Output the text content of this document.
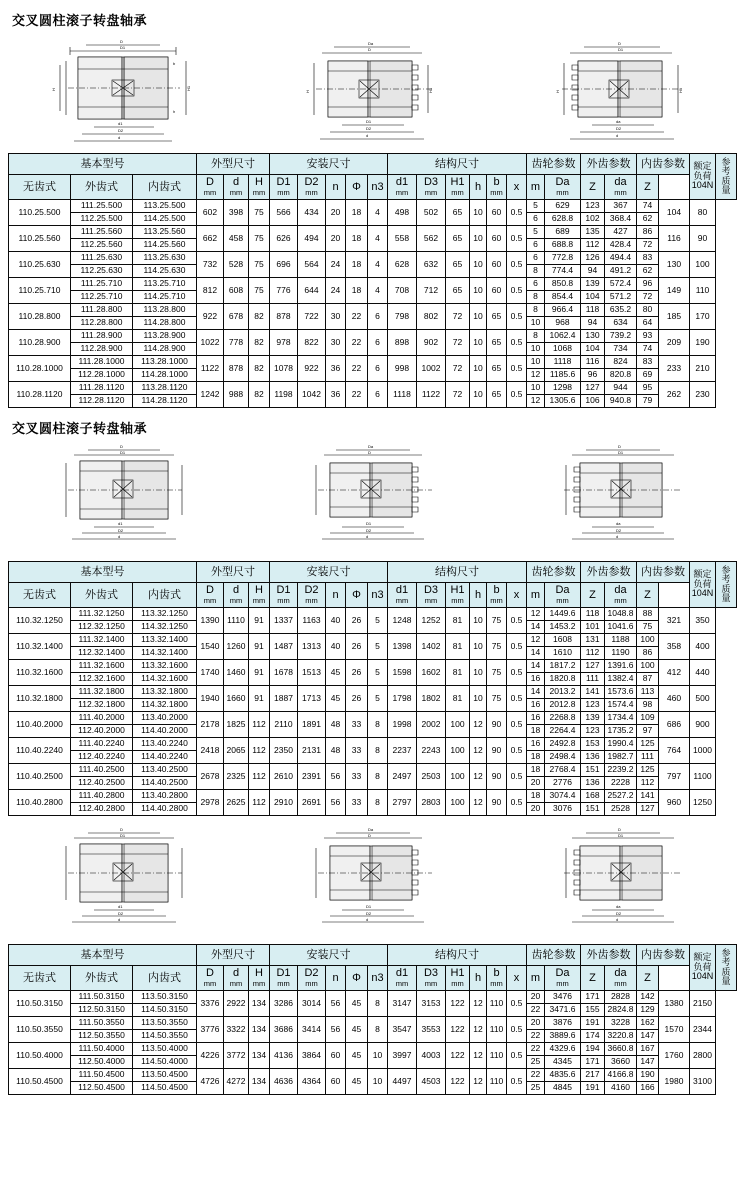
交叉圆柱滚子转盘轴承
D
D1
d1
D2
d
H	H1
b
h
Da
D
D1
D2
d
H	H1
D
D1
da
D2
d
H	H1
基本型号			外型尺寸			安装尺寸					结构尺寸						齿轮参数		外齿参数		内齿参数		额定
负荷
104N	参
考
质
量

无齿式	外齿式	内齿式	D
mm	d
mm	H
mm	D1
mm	D2
mm	n	Φ	n3	d1
mm	D3
mm	H1
mm	h	b
mm	x	m	Da
mm	Z	da
mm	Z			
110.25.500	111.25.500	113.25.500	602	398	75	566	434	20	18	4	498	502	65	10	60	0.5	5	629	123	367	74	104	80	
	112.25.500	114.25.500															6	628.8	102	368.4	62			
110.25.560	111.25.560	113.25.560	662	458	75	626	494	20	18	4	558	562	65	10	60	0.5	5	689	135	427	86	116	90	
	112.25.560	114.25.560															6	688.8	112	428.4	72			
110.25.630	111.25.630	113.25.630	732	528	75	696	564	24	18	4	628	632	65	10	60	0.5	6	772.8	126	494.4	83	130	100	
	112.25.630	114.25.630															8	774.4	94	491.2	62			
110.25.710	111.25.710	113.25.710	812	608	75	776	644	24	18	4	708	712	65	10	60	0.5	6	850.8	139	572.4	96	149	110	
	112.25.710	114.25.710															8	854.4	104	571.2	72			
110.28.800	111.28.800	113.28.800	922	678	82	878	722	30	22	6	798	802	72	10	65	0.5	8	966.4	118	635.2	80	185	170	
	112.28.800	114.28.800															10	968	94	634	64			
110.28.900	111.28.900	113.28.900	1022	778	82	978	822	30	22	6	898	902	72	10	65	0.5	8	1062.4	130	739.2	93	209	190	
	112.28.900	114.28.900															10	1068	104	734	74			
110.28.1000	111.28.1000	113.28.1000	1122	878	82	1078	922	36	22	6	998	1002	72	10	65	0.5	10	1118	116	824	83	233	210	
	112.28.1000	114.28.1000															12	1185.6	96	820.8	69			
110.28.1120	111.28.1120	113.28.1120	1242	988	82	1198	1042	36	22	6	1118	1122	72	10	65	0.5	10	1298	127	944	95	262	230	
	112.28.1120	114.28.1120															12	1305.6	106	940.8	79			
交叉圆柱滚子转盘轴承
D
D1
d1
D2
d
Da
D
D1
D2
d
D
D1
da
D2
d
基本型号			外型尺寸			安装尺寸					结构尺寸						齿轮参数		外齿参数		内齿参数		额定
负荷
104N	参
考
质
量

无齿式	外齿式	内齿式	D
mm	d
mm	H
mm	D1
mm	D2
mm	n	Φ	n3	d1
mm	D3
mm	H1
mm	h	b
mm	x	m	Da
mm	Z	da
mm	Z			
110.32.1250	111.32.1250	113.32.1250	1390	1110	91	1337	1163	40	26	5	1248	1252	81	10	75	0.5	12	1449.6	118	1048.8	88	321	350	
	112.32.1250	114.32.1250															14	1453.2	101	1041.6	75			
110.32.1400	111.32.1400	113.32.1400	1540	1260	91	1487	1313	40	26	5	1398	1402	81	10	75	0.5	12	1608	131	1188	100	358	400	
	112.32.1400	114.32.1400															14	1610	112	1190	86			
110.32.1600	111.32.1600	113.32.1600	1740	1460	91	1678	1513	45	26	5	1598	1602	81	10	75	0.5	14	1817.2	127	1391.6	100	412	440	
	112.32.1600	114.32.1600															16	1820.8	111	1382.4	87			
110.32.1800	111.32.1800	113.32.1800	1940	1660	91	1887	1713	45	26	5	1798	1802	81	10	75	0.5	14	2013.2	141	1573.6	113	460	500	
	112.32.1800	114.32.1800															16	2012.8	123	1574.4	98			
110.40.2000	111.40.2000	113.40.2000	2178	1825	112	2110	1891	48	33	8	1998	2002	100	12	90	0.5	16	2268.8	139	1734.4	109	686	900	
	112.40.2000	114.40.2000															18	2264.4	123	1735.2	97			
110.40.2240	111.40.2240	113.40.2240	2418	2065	112	2350	2131	48	33	8	2237	2243	100	12	90	0.5	16	2492.8	153	1990.4	125	764	1000	
	112.40.2240	114.40.2240															18	2498.4	136	1982.7	111			
110.40.2500	111.40.2500	113.40.2500	2678	2325	112	2610	2391	56	33	8	2497	2503	100	12	90	0.5	18	2768.4	151	2239.2	125	797	1100	
	112.40.2500	114.40.2500															20	2776	136	2228	112			
110.40.2800	111.40.2800	113.40.2800	2978	2625	112	2910	2691	56	33	8	2797	2803	100	12	90	0.5	18	3074.4	168	2527.2	141	960	1250	
	112.40.2800	114.40.2800															20	3076	151	2528	127			
D
D1
d1
D2
d
Da
D
D1
D2
d
D
D1
da
D2
d
基本型号			外型尺寸			安装尺寸					结构尺寸						齿轮参数		外齿参数		内齿参数		额定
负荷
104N	参
考
质
量

无齿式	外齿式	内齿式	D
mm	d
mm	H
mm	D1
mm	D2
mm	n	Φ	n3	d1
mm	D3
mm	H1
mm	h	b
mm	x	m	Da
mm	Z	da
mm	Z			
110.50.3150	111.50.3150	113.50.3150	3376	2922	134	3286	3014	56	45	8	3147	3153	122	12	110	0.5	20	3476	171	2828	142	1380	2150	
	112.50.3150	114.50.3150															22	3471.6	155	2824.8	129			
110.50.3550	111.50.3550	113.50.3550	3776	3322	134	3686	3414	56	45	8	3547	3553	122	12	110	0.5	20	3876	191	3228	162	1570	2344	
	112.50.3550	114.50.3550															22	3889.6	174	3220.8	147			
110.50.4000	111.50.4000	113.50.4000	4226	3772	134	4136	3864	60	45	10	3997	4003	122	12	110	0.5	22	4329.6	194	3660.8	167	1760	2800	
	112.50.4000	114.50.4000															25	4345	171	3660	147			
110.50.4500	111.50.4500	113.50.4500	4726	4272	134	4636	4364	60	45	10	4497	4503	122	12	110	0.5	22	4835.6	217	4166.8	190	1980	3100	
	112.50.4500	114.50.4500															25	4845	191	4160	166			
